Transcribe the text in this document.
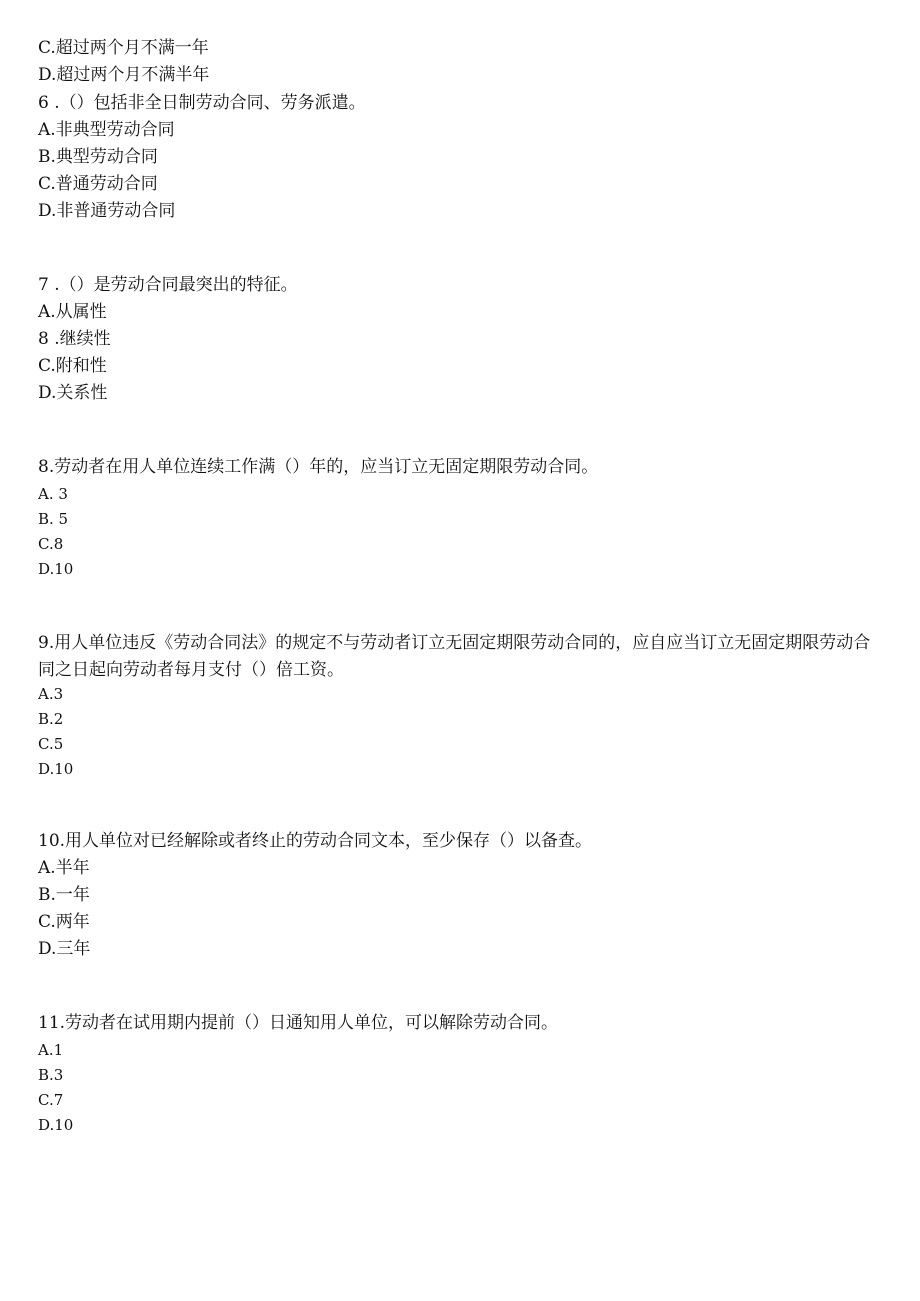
C.超过两个月不满一年
D.超过两个月不满半年
6 .（）包括非全日制劳动合同、劳务派遣。
A.非典型劳动合同
B.典型劳动合同
C.普通劳动合同
D.非普通劳动合同
7 .（）是劳动合同最突出的特征。
A.从属性
8 .继续性
C.附和性
D.关系性
8.劳动者在用人单位连续工作满（）年的，应当订立无固定期限劳动合同。
A. 3
B. 5
C.8
D.10
9.用人单位违反《劳动合同法》的规定不与劳动者订立无固定期限劳动合同的，应自应当订立无固定期限劳动合同之日起向劳动者每月支付（）倍工资。
A.3
B.2
C.5
D.10
10.用人单位对已经解除或者终止的劳动合同文本，至少保存（）以备查。
A.半年
B.一年
C.两年
D.三年
11.劳动者在试用期内提前（）日通知用人单位，可以解除劳动合同。
A.1
B.3
C.7
D.10
